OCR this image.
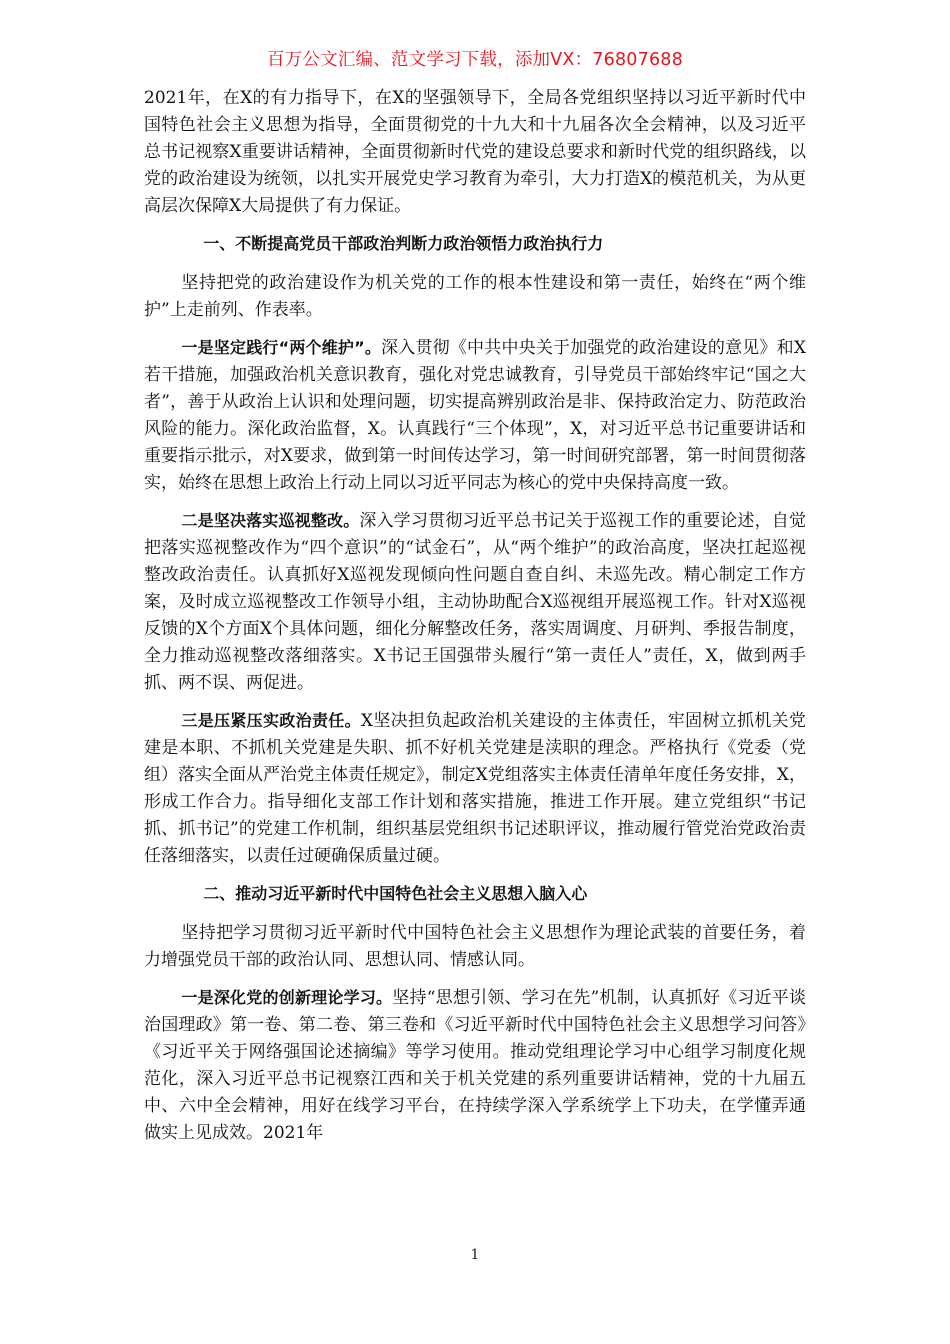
百万公文汇编、范文学习下载，添加VX：76807688

2021年，在X的有力指导下，在X的坚强领导下，全局各党组织坚持以习近平新时代中国特色社会主义思想为指导，全面贯彻党的十九大和十九届各次全会精神，以及习近平总书记视察X重要讲话精神，全面贯彻新时代党的建设总要求和新时代党的组织路线，以党的政治建设为统领，以扎实开展党史学习教育为牵引，大力打造X的模范机关，为从更高层次保障X大局提供了有力保证。

一、不断提高党员干部政治判断力政治领悟力政治执行力

坚持把党的政治建设作为机关党的工作的根本性建设和第一责任，始终在“两个维护”上走前列、作表率。

一是坚定践行“两个维护”。深入贯彻《中共中央关于加强党的政治建设的意见》和X若干措施，加强政治机关意识教育，强化对党忠诚教育，引导党员干部始终牢记“国之大者”，善于从政治上认识和处理问题，切实提高辨别政治是非、保持政治定力、防范政治风险的能力。深化政治监督，X。认真践行“三个体现”，X，对习近平总书记重要讲话和重要指示批示，对X要求，做到第一时间传达学习，第一时间研究部署，第一时间贯彻落实，始终在思想上政治上行动上同以习近平同志为核心的党中央保持高度一致。

二是坚决落实巡视整改。深入学习贯彻习近平总书记关于巡视工作的重要论述，自觉把落实巡视整改作为“四个意识”的“试金石”，从“两个维护”的政治高度，坚决扛起巡视整改政治责任。认真抓好X巡视发现倾向性问题自查自纠、未巡先改。精心制定工作方案，及时成立巡视整改工作领导小组，主动协助配合X巡视组开展巡视工作。针对X巡视反馈的X个方面X个具体问题，细化分解整改任务，落实周调度、月研判、季报告制度，全力推动巡视整改落细落实。X书记王国强带头履行“第一责任人”责任，X，做到两手抓、两不误、两促进。

三是压紧压实政治责任。X坚决担负起政治机关建设的主体责任，牢固树立抓机关党建是本职、不抓机关党建是失职、抓不好机关党建是渎职的理念。严格执行《党委（党组）落实全面从严治党主体责任规定》，制定X党组落实主体责任清单年度任务安排，X，形成工作合力。指导细化支部工作计划和落实措施，推进工作开展。建立党组织“书记抓、抓书记”的党建工作机制，组织基层党组织书记述职评议，推动履行管党治党政治责任落细落实，以责任过硬确保质量过硬。

二、推动习近平新时代中国特色社会主义思想入脑入心

坚持把学习贯彻习近平新时代中国特色社会主义思想作为理论武装的首要任务，着力增强党员干部的政治认同、思想认同、情感认同。

一是深化党的创新理论学习。坚持“思想引领、学习在先”机制，认真抓好《习近平谈治国理政》第一卷、第二卷、第三卷和《习近平新时代中国特色社会主义思想学习问答》《习近平关于网络强国论述摘编》等学习使用。推动党组理论学习中心组学习制度化规范化，深入习近平总书记视察江西和关于机关党建的系列重要讲话精神，党的十九届五中、六中全会精神，用好在线学习平台，在持续学深入学系统学上下功夫，在学懂弄通做实上见成效。2021年

1
